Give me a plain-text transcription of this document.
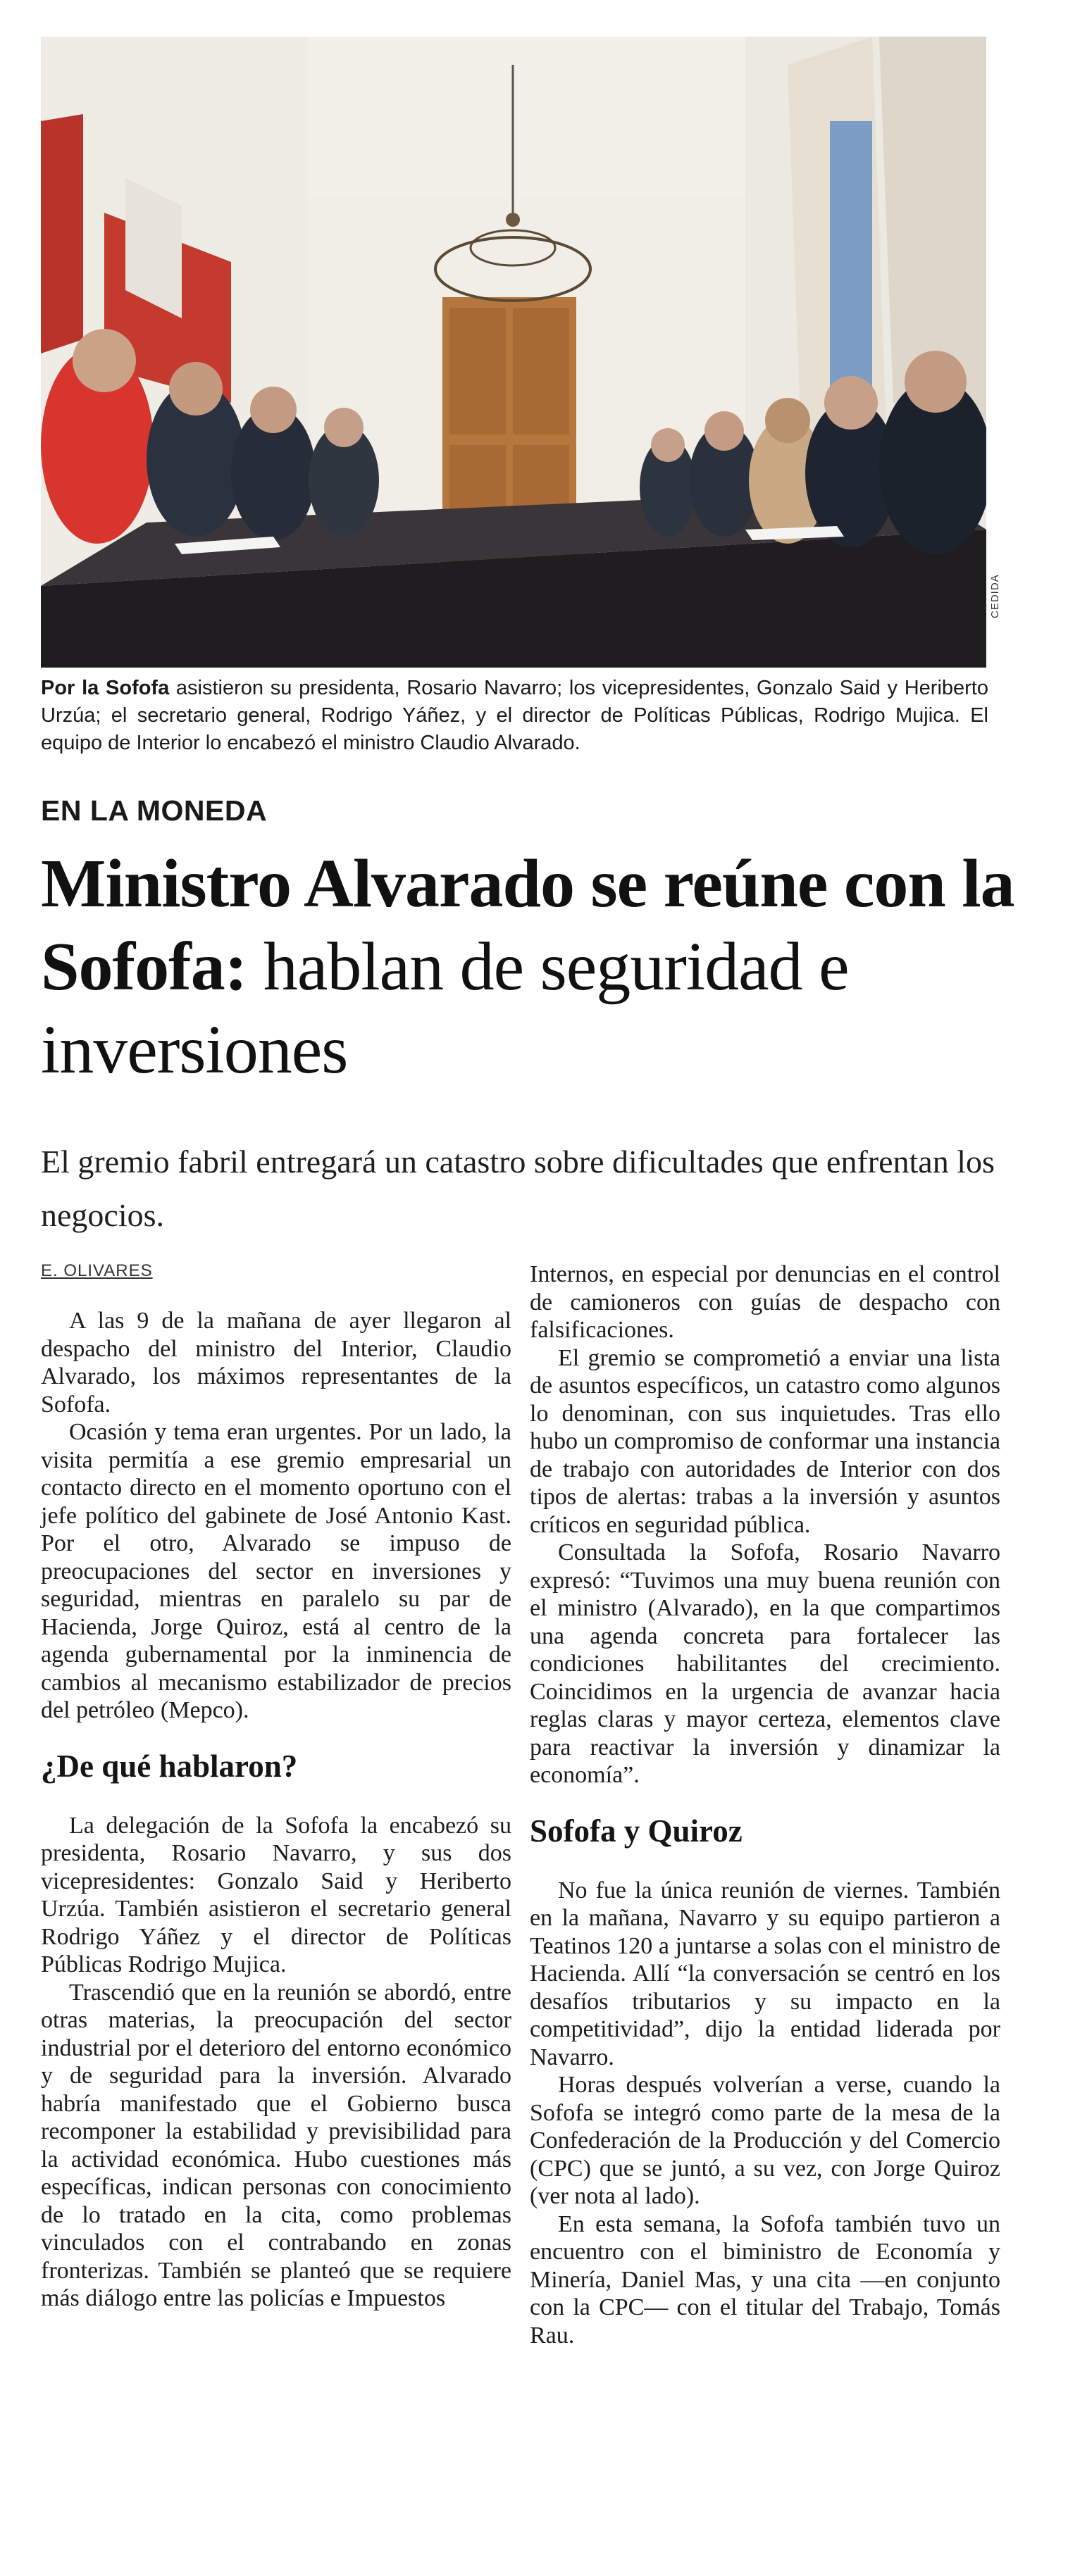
CEDIDA
Por la Sofofa asistieron su presidenta, Rosario Navarro; los vicepresidentes, Gonzalo Said y Heriberto Urzúa; el secretario general, Rodrigo Yáñez, y el director de Políticas Públicas, Rodrigo Mujica. El equipo de Interior lo encabezó el ministro Claudio Alvarado.
EN LA MONEDA
Ministro Alvarado se reúne con la Sofofa: hablan de seguridad e inversiones
El gremio fabril entregará un catastro sobre dificultades que enfrentan los negocios.
E. OLIVARES

A las 9 de la mañana de ayer llegaron al despacho del ministro del Interior, Claudio Alvarado, los máximos representantes de la Sofofa.

Ocasión y tema eran urgentes. Por un lado, la visita permitía a ese gremio empresarial un contacto directo en el momento oportuno con el jefe político del gabinete de José Antonio Kast. Por el otro, Alvarado se impuso de preocupaciones del sector en inversiones y seguridad, mientras en paralelo su par de Hacienda, Jorge Quiroz, está al centro de la agenda gubernamental por la inminencia de cambios al mecanismo estabilizador de precios del petróleo (Mepco).

¿De qué hablaron?

La delegación de la Sofofa la encabezó su presidenta, Rosario Navarro, y sus dos vicepresidentes: Gonzalo Said y Heriberto Urzúa. También asistieron el secretario general Rodrigo Yáñez y el director de Políticas Públicas Rodrigo Mujica.

Trascendió que en la reunión se abordó, entre otras materias, la preocupación del sector industrial por el deterioro del entorno económico y de seguridad para la inversión. Alvarado habría manifestado que el Gobierno busca recomponer la estabilidad y previsibilidad para la actividad económica. Hubo cuestiones más específicas, indican personas con conocimiento de lo tratado en la cita, como problemas vinculados con el contrabando en zonas fronterizas. También se planteó que se requiere más diálogo entre las policías e Impuestos

Internos, en especial por denuncias en el control de camioneros con guías de despacho con falsificaciones.

El gremio se comprometió a enviar una lista de asuntos específicos, un catastro como algunos lo denominan, con sus inquietudes. Tras ello hubo un compromiso de conformar una instancia de trabajo con autoridades de Interior con dos tipos de alertas: trabas a la inversión y asuntos críticos en seguridad pública.

Consultada la Sofofa, Rosario Navarro expresó: “Tuvimos una muy buena reunión con el ministro (Alvarado), en la que compartimos una agenda concreta para fortalecer las condiciones habilitantes del crecimiento. Coincidimos en la urgencia de avanzar hacia reglas claras y mayor certeza, elementos clave para reactivar la inversión y dinamizar la economía”.

Sofofa y Quiroz

No fue la única reunión de viernes. También en la mañana, Navarro y su equipo partieron a Teatinos 120 a juntarse a solas con el ministro de Hacienda. Allí “la conversación se centró en los desafíos tributarios y su impacto en la competitividad”, dijo la entidad liderada por Navarro.

Horas después volverían a verse, cuando la Sofofa se integró como parte de la mesa de la Confederación de la Producción y del Comercio (CPC) que se juntó, a su vez, con Jorge Quiroz (ver nota al lado).

En esta semana, la Sofofa también tuvo un encuentro con el biministro de Economía y Minería, Daniel Mas, y una cita —en conjunto con la CPC— con el titular del Trabajo, Tomás Rau.
